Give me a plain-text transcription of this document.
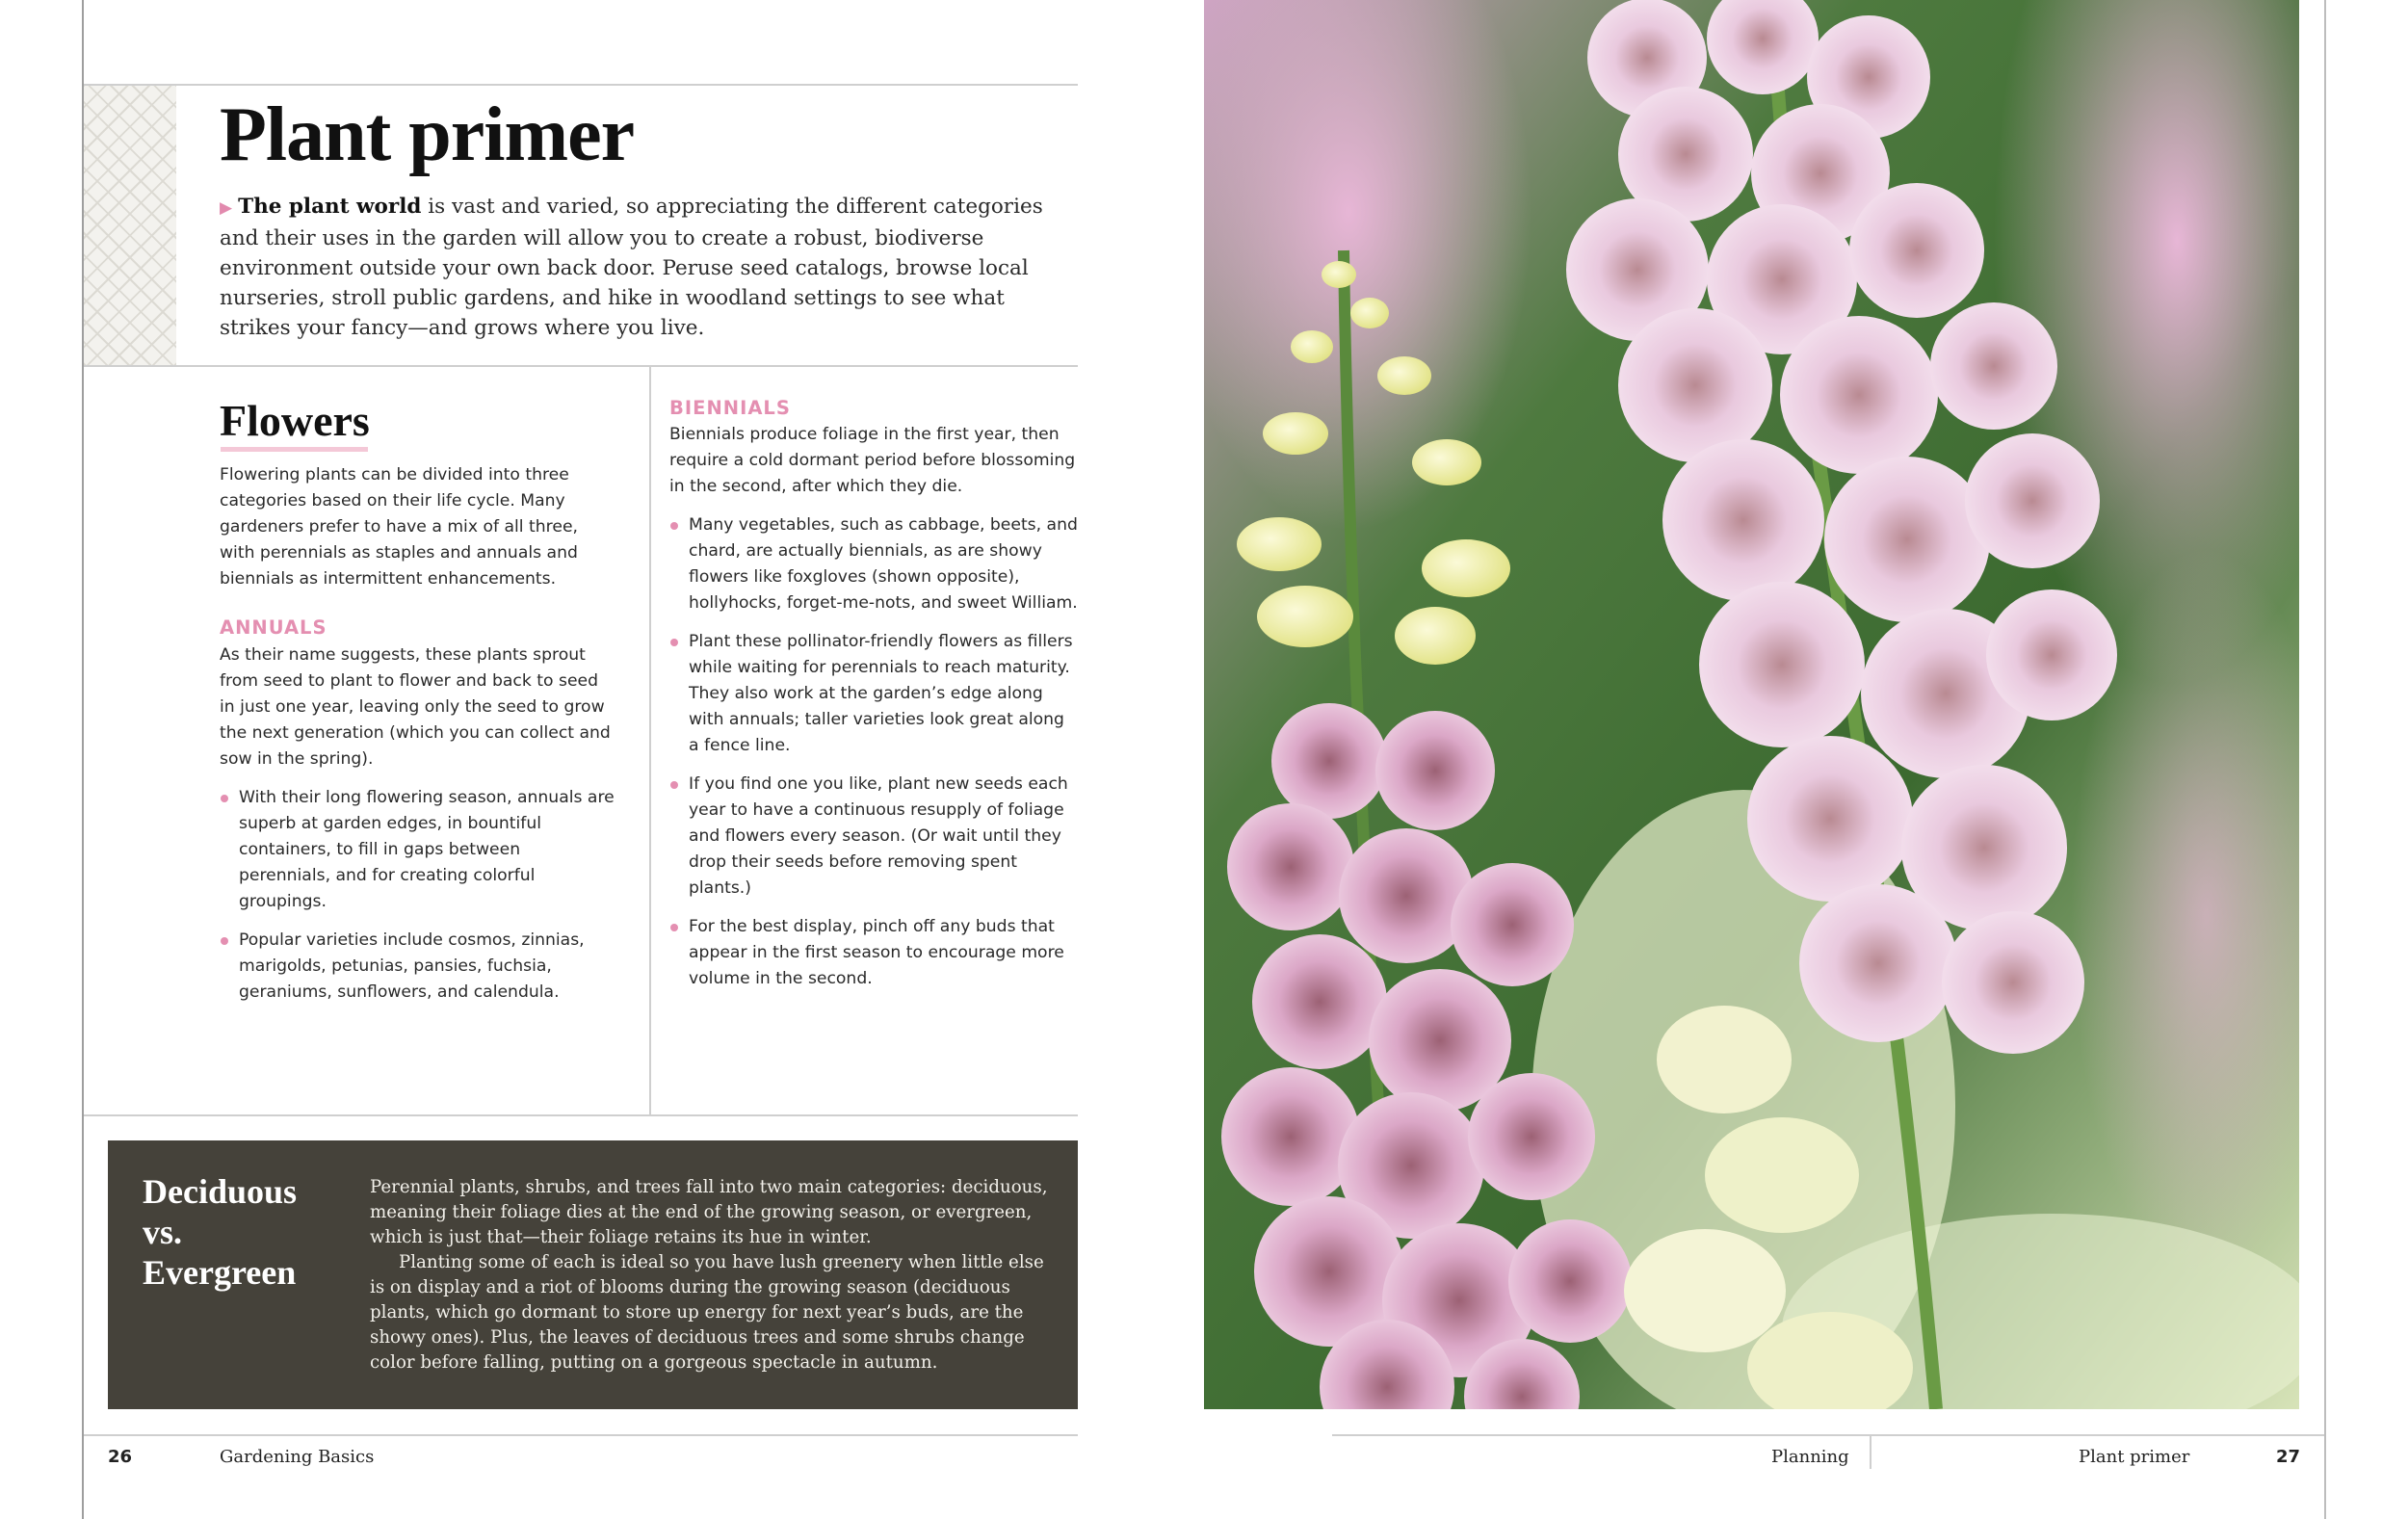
Plant primer

▶ The plant world is vast and varied, so appreciating the different categories and their uses in the garden will allow you to create a robust, biodiverse environment outside your own back door. Peruse seed catalogs, browse local nurseries, stroll public gardens, and hike in woodland settings to see what strikes your fancy—and grows where you live.

Flowers

Flowering plants can be divided into three categories based on their life cycle. Many gardeners prefer to have a mix of all three, with perennials as staples and annuals and biennials as intermittent enhancements.

ANNUALS

As their name suggests, these plants sprout from seed to plant to flower and back to seed in just one year, leaving only the seed to grow the next generation (which you can collect and sow in the spring).

With their long flowering season, annuals are superb at garden edges, in bountiful containers, to fill in gaps between perennials, and for creating colorful groupings.
Popular varieties include cosmos, zinnias, marigolds, petunias, pansies, fuchsia, geraniums, sunflowers, and calendula.
BIENNIALS

Biennials produce foliage in the first year, then require a cold dormant period before blossoming in the second, after which they die.

Many vegetables, such as cabbage, beets, and chard, are actually biennials, as are showy flowers like foxgloves (shown opposite), hollyhocks, forget-me-nots, and sweet William.
Plant these pollinator-friendly flowers as fillers while waiting for perennials to reach maturity. They also work at the garden’s edge along with annuals; taller varieties look great along a fence line.
If you find one you like, plant new seeds each year to have a continuous resupply of foliage and flowers every season. (Or wait until they drop their seeds before removing spent plants.)
For the best display, pinch off any buds that appear in the first season to encourage more volume in the second.
Deciduous vs. Evergreen

Perennial plants, shrubs, and trees fall into two main categories: deciduous, meaning their foliage dies at the end of the growing season, or evergreen, which is just that—their foliage retains its hue in winter.

Planting some of each is ideal so you have lush greenery when little else is on display and a riot of blooms during the growing season (deciduous plants, which go dormant to store up energy for next year’s buds, are the showy ones). Plus, the leaves of deciduous trees and some shrubs change color before falling, putting on a gorgeous spectacle in autumn.

26	Gardening Basics	Planning	Plant primer	27
